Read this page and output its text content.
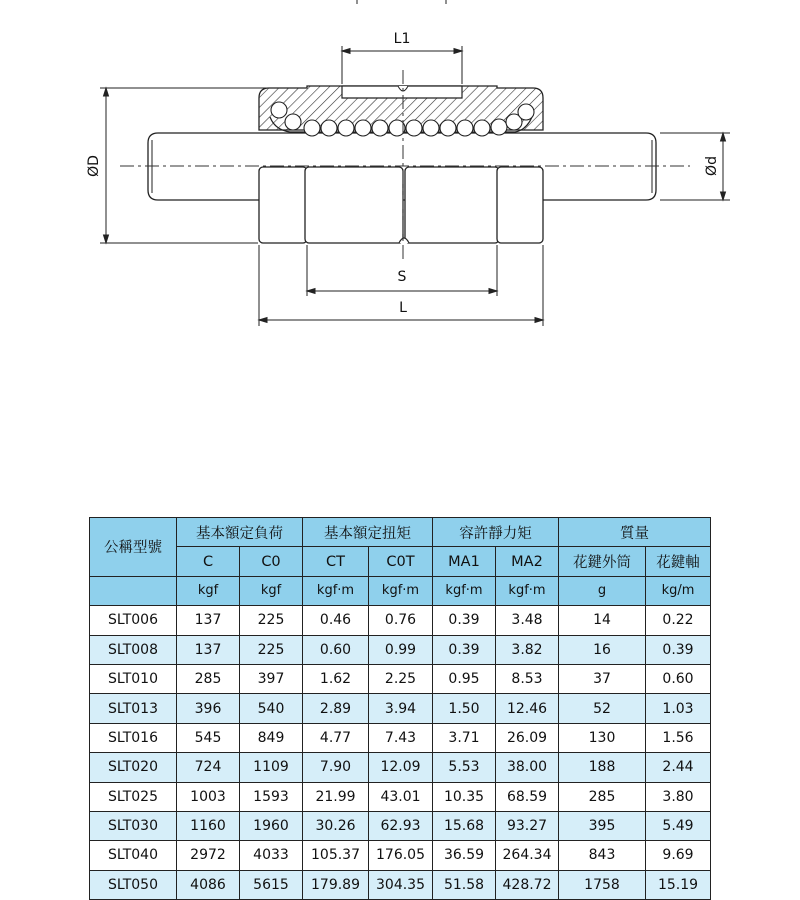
L1
ØD	Ød
S
L
公稱型號	基本額定負荷		基本額定扭矩		容許靜力矩		質量	
	C	C0	CT	C0T	MA1	MA2	花鍵外筒	花鍵軸
	kgf	kgf	kgf·m	kgf·m	kgf·m	kgf·m	g	kg/m
SLT006	137	225	0.46	0.76	0.39	3.48	14	0.22
SLT008	137	225	0.60	0.99	0.39	3.82	16	0.39
SLT010	285	397	1.62	2.25	0.95	8.53	37	0.60
SLT013	396	540	2.89	3.94	1.50	12.46	52	1.03
SLT016	545	849	4.77	7.43	3.71	26.09	130	1.56
SLT020	724	1109	7.90	12.09	5.53	38.00	188	2.44
SLT025	1003	1593	21.99	43.01	10.35	68.59	285	3.80
SLT030	1160	1960	30.26	62.93	15.68	93.27	395	5.49
SLT040	2972	4033	105.37	176.05	36.59	264.34	843	9.69
SLT050	4086	5615	179.89	304.35	51.58	428.72	1758	15.19
